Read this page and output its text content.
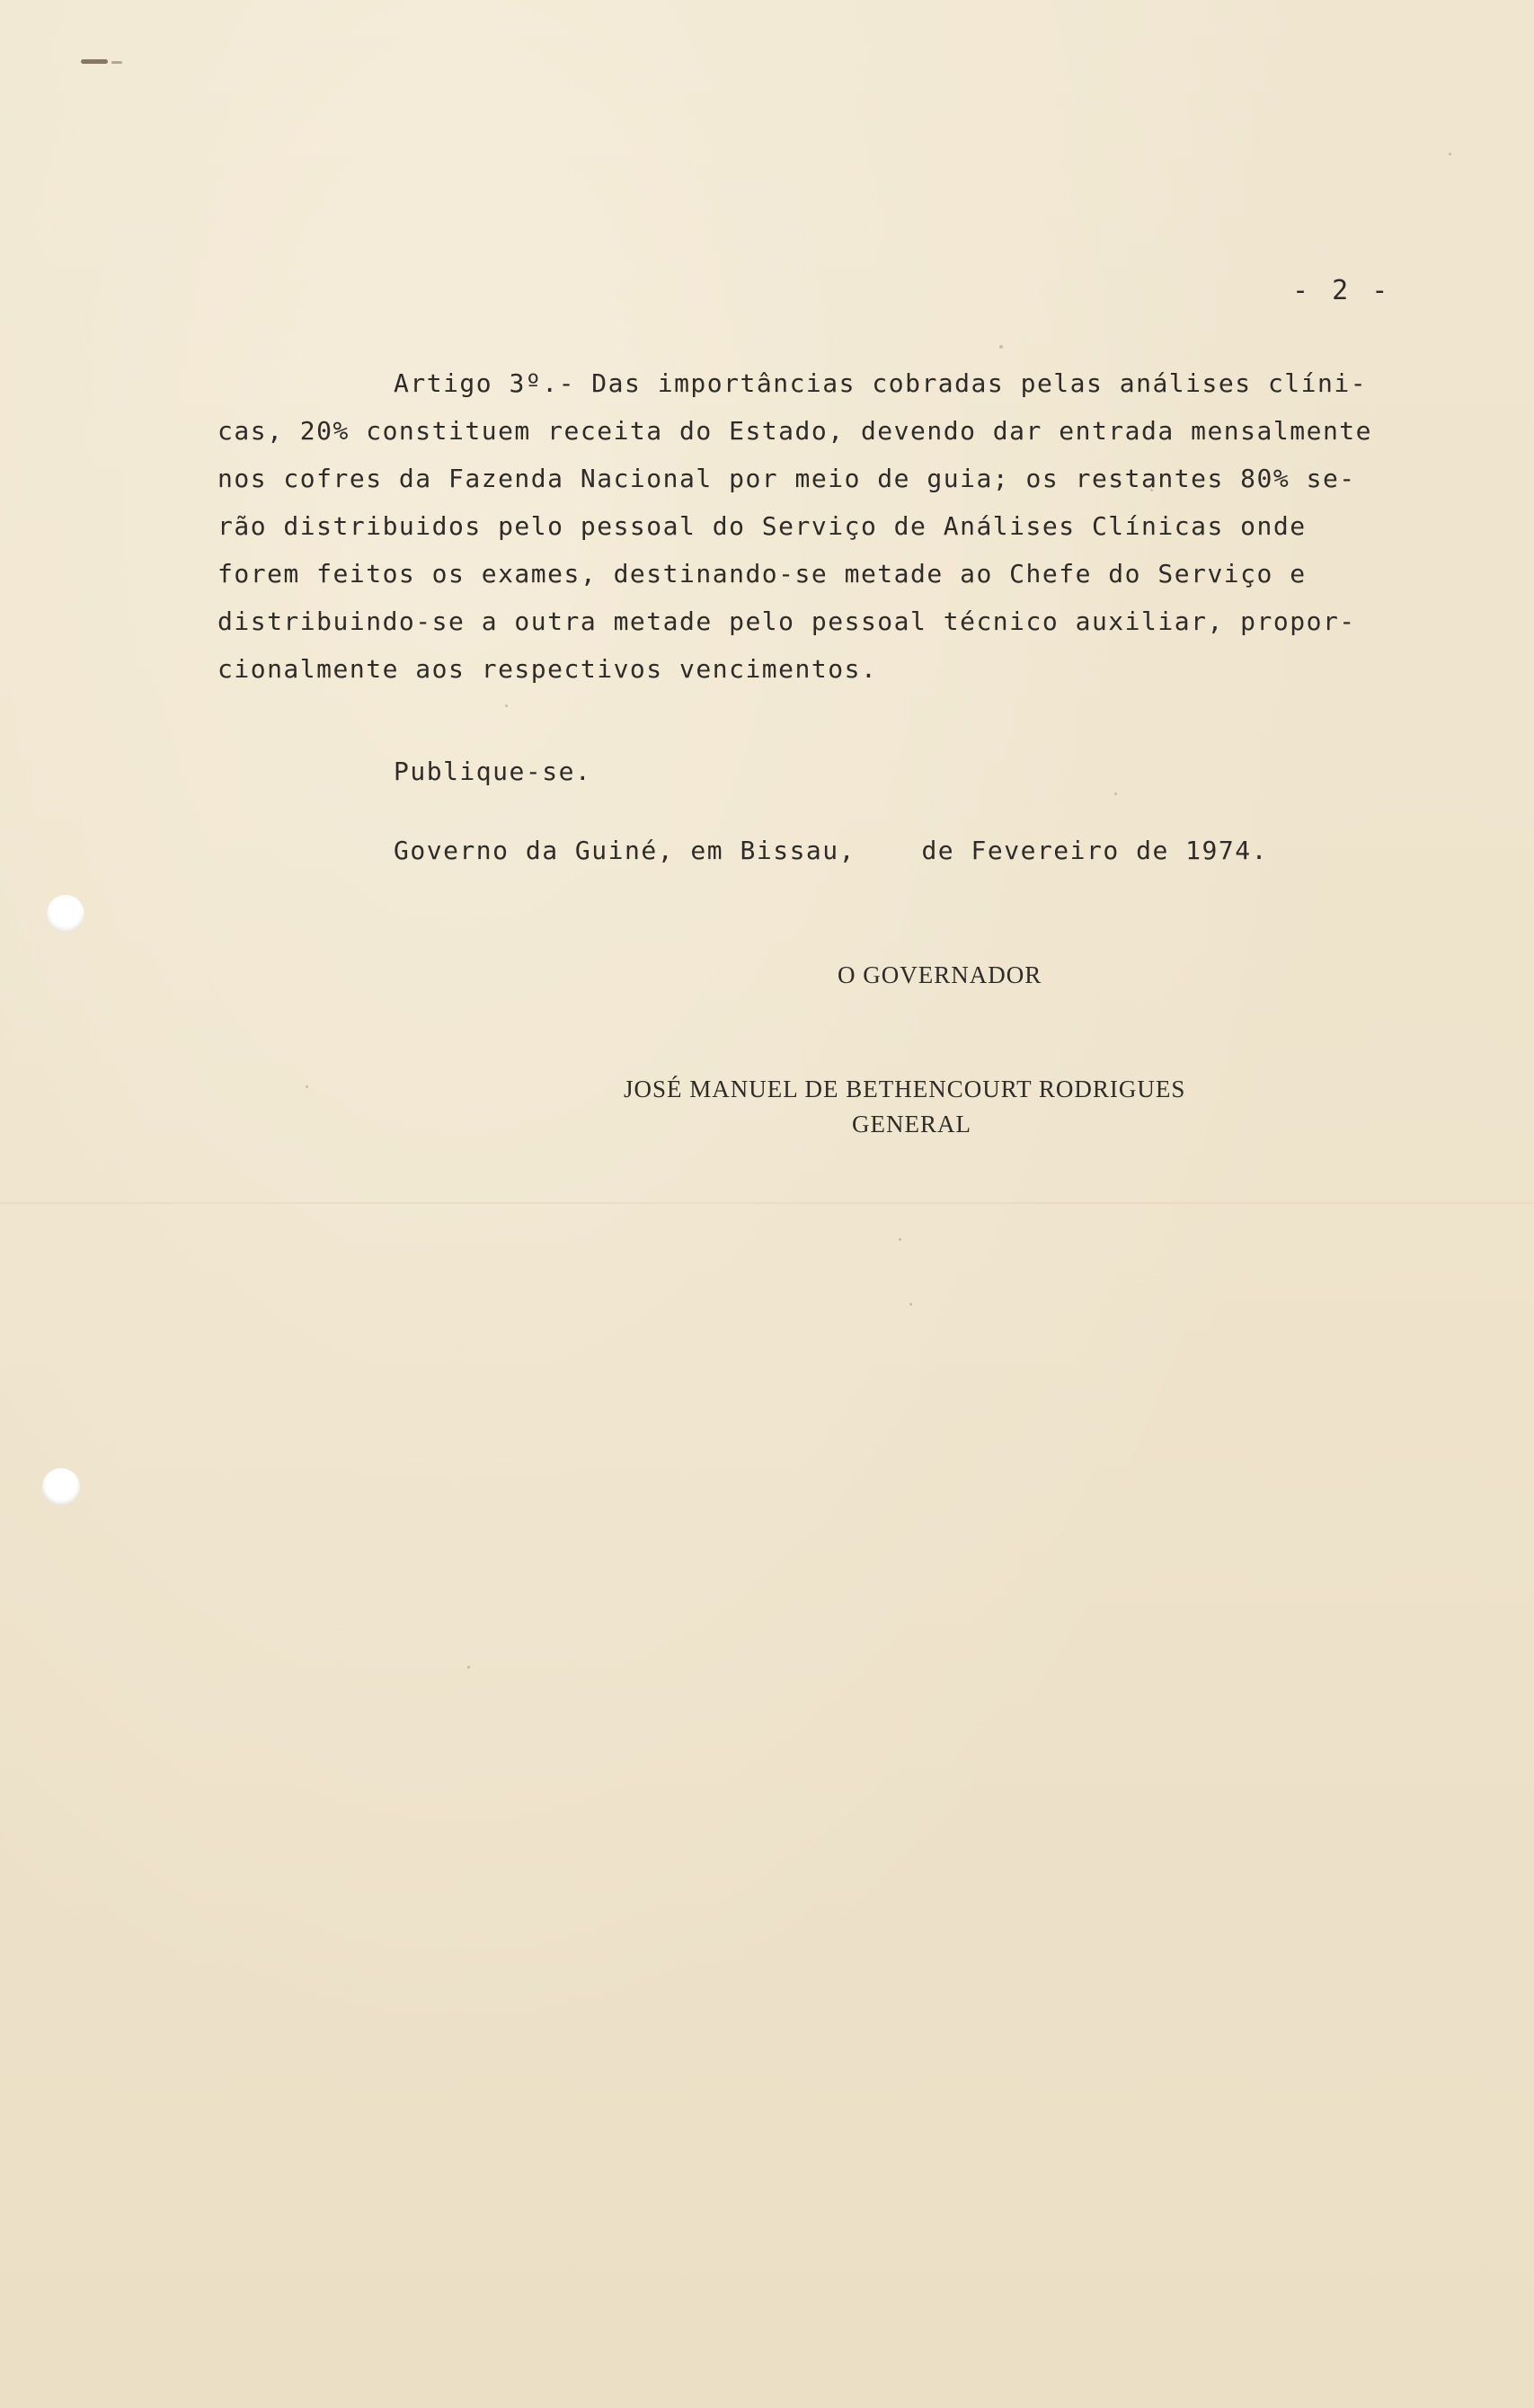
- 2 -
Artigo 3º.- Das importâncias cobradas pelas análises clíni-
cas, 20% constituem receita do Estado, devendo dar entrada mensalmente
nos cofres da Fazenda Nacional por meio de guia; os restantes 80% se-
rão distribuidos pelo pessoal do Serviço de Análises Clínicas onde
forem feitos os exames, destinando-se metade ao Chefe do Serviço e
distribuindo-se a outra metade pelo pessoal técnico auxiliar, propor-
cionalmente aos respectivos vencimentos.
Publique-se.
Governo da Guiné, em Bissau,    de Fevereiro de 1974.
O GOVERNADOR
JOSÉ MANUEL DE BETHENCOURT RODRIGUES
GENERAL
